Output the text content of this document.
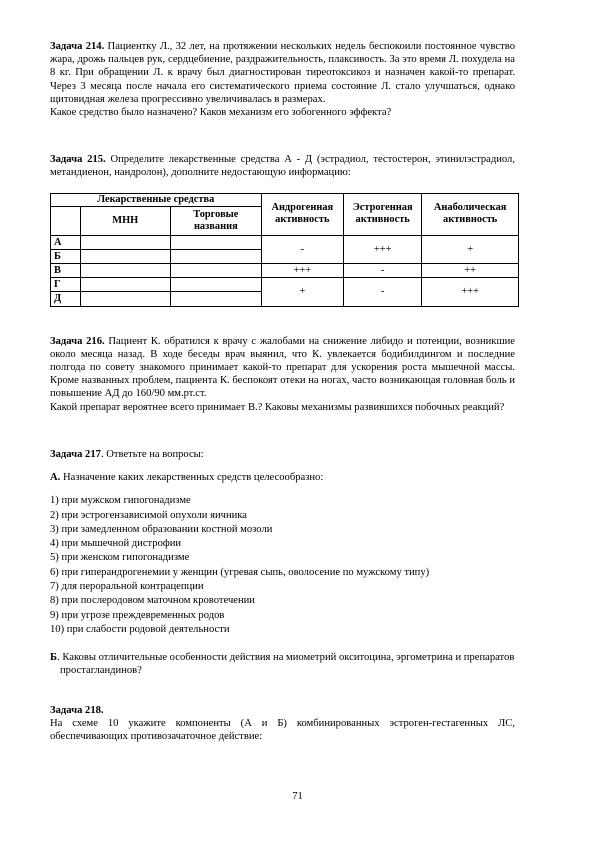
Задача 214. Пациентку Л., 32 лет, на протяжении нескольких недель беспокоили постоянное чувство жара, дрожь пальцев рук, сердцебиение, раздражительность, плаксивость. За это время Л. похудела на 8 кг. При обращении Л. к врачу был диагностирован тиреотоксикоз и назначен какой-то препарат. Через 3 месяца после начала его систематического приема состояние Л. стало улучшаться, однако щитовидная железа прогрессивно увеличивалась в размерах.

Какое средство было назначено? Каков механизм его зобогенного эффекта?

Задача 215. Определите лекарственные средства А - Д (эстрадиол, тестостерон, этинилэстрадиол, метандиенон, нандролон), дополните недостающую информацию:

Лекарственные средства			Андрогенная активность	Эстрогенная активность	Анаболическая активность
	МНН	Торговые названия			
А			-	+++	+
Б					
В			+++	-	++
Г			+	-	+++
Д					

Задача 216. Пациент К. обратился к врачу с жалобами на снижение либидо и потенции, возникшие около месяца назад. В ходе беседы врач выянил, что К. увлекается бодибилдингом и последние полгода по совету знакомого принимает какой-то препарат для ускорения роста мышечной массы. Кроме названных проблем, пациента К. беспокоят отеки на ногах, часто возникающая головная боль и повышение АД до 160/90 мм.рт.ст.

Какой препарат вероятнее всего принимает В.? Каковы механизмы развившихся побочных реакций?

Задача 217. Ответьте на вопросы:

А. Назначение каких лекарственных средств целесообразно:

1) при мужском гипогонадизме
2) при эстрогензависимой опухоли яичника
3) при замедленном образовании костной мозоли
4) при мышечной дистрофии
5) при женском гипогонадизме
6) при гиперандрогенемии у женщин (угревая сыпь, оволосение по мужскому типу)
7) для пероральной контрацепции
8) при послеродовом маточном кровотечении
9) при угрозе преждевременных родов
10) при слабости родовой деятельности

Б. Каковы отличительные особенности действия на миометрий окситоцина, эргометрина и препаратов простагландинов?

Задача 218.

На схеме 10 укажите компоненты (А и Б) комбинированных эстроген-гестагенных ЛС, обеспечивающих противозачаточное действие:

71
